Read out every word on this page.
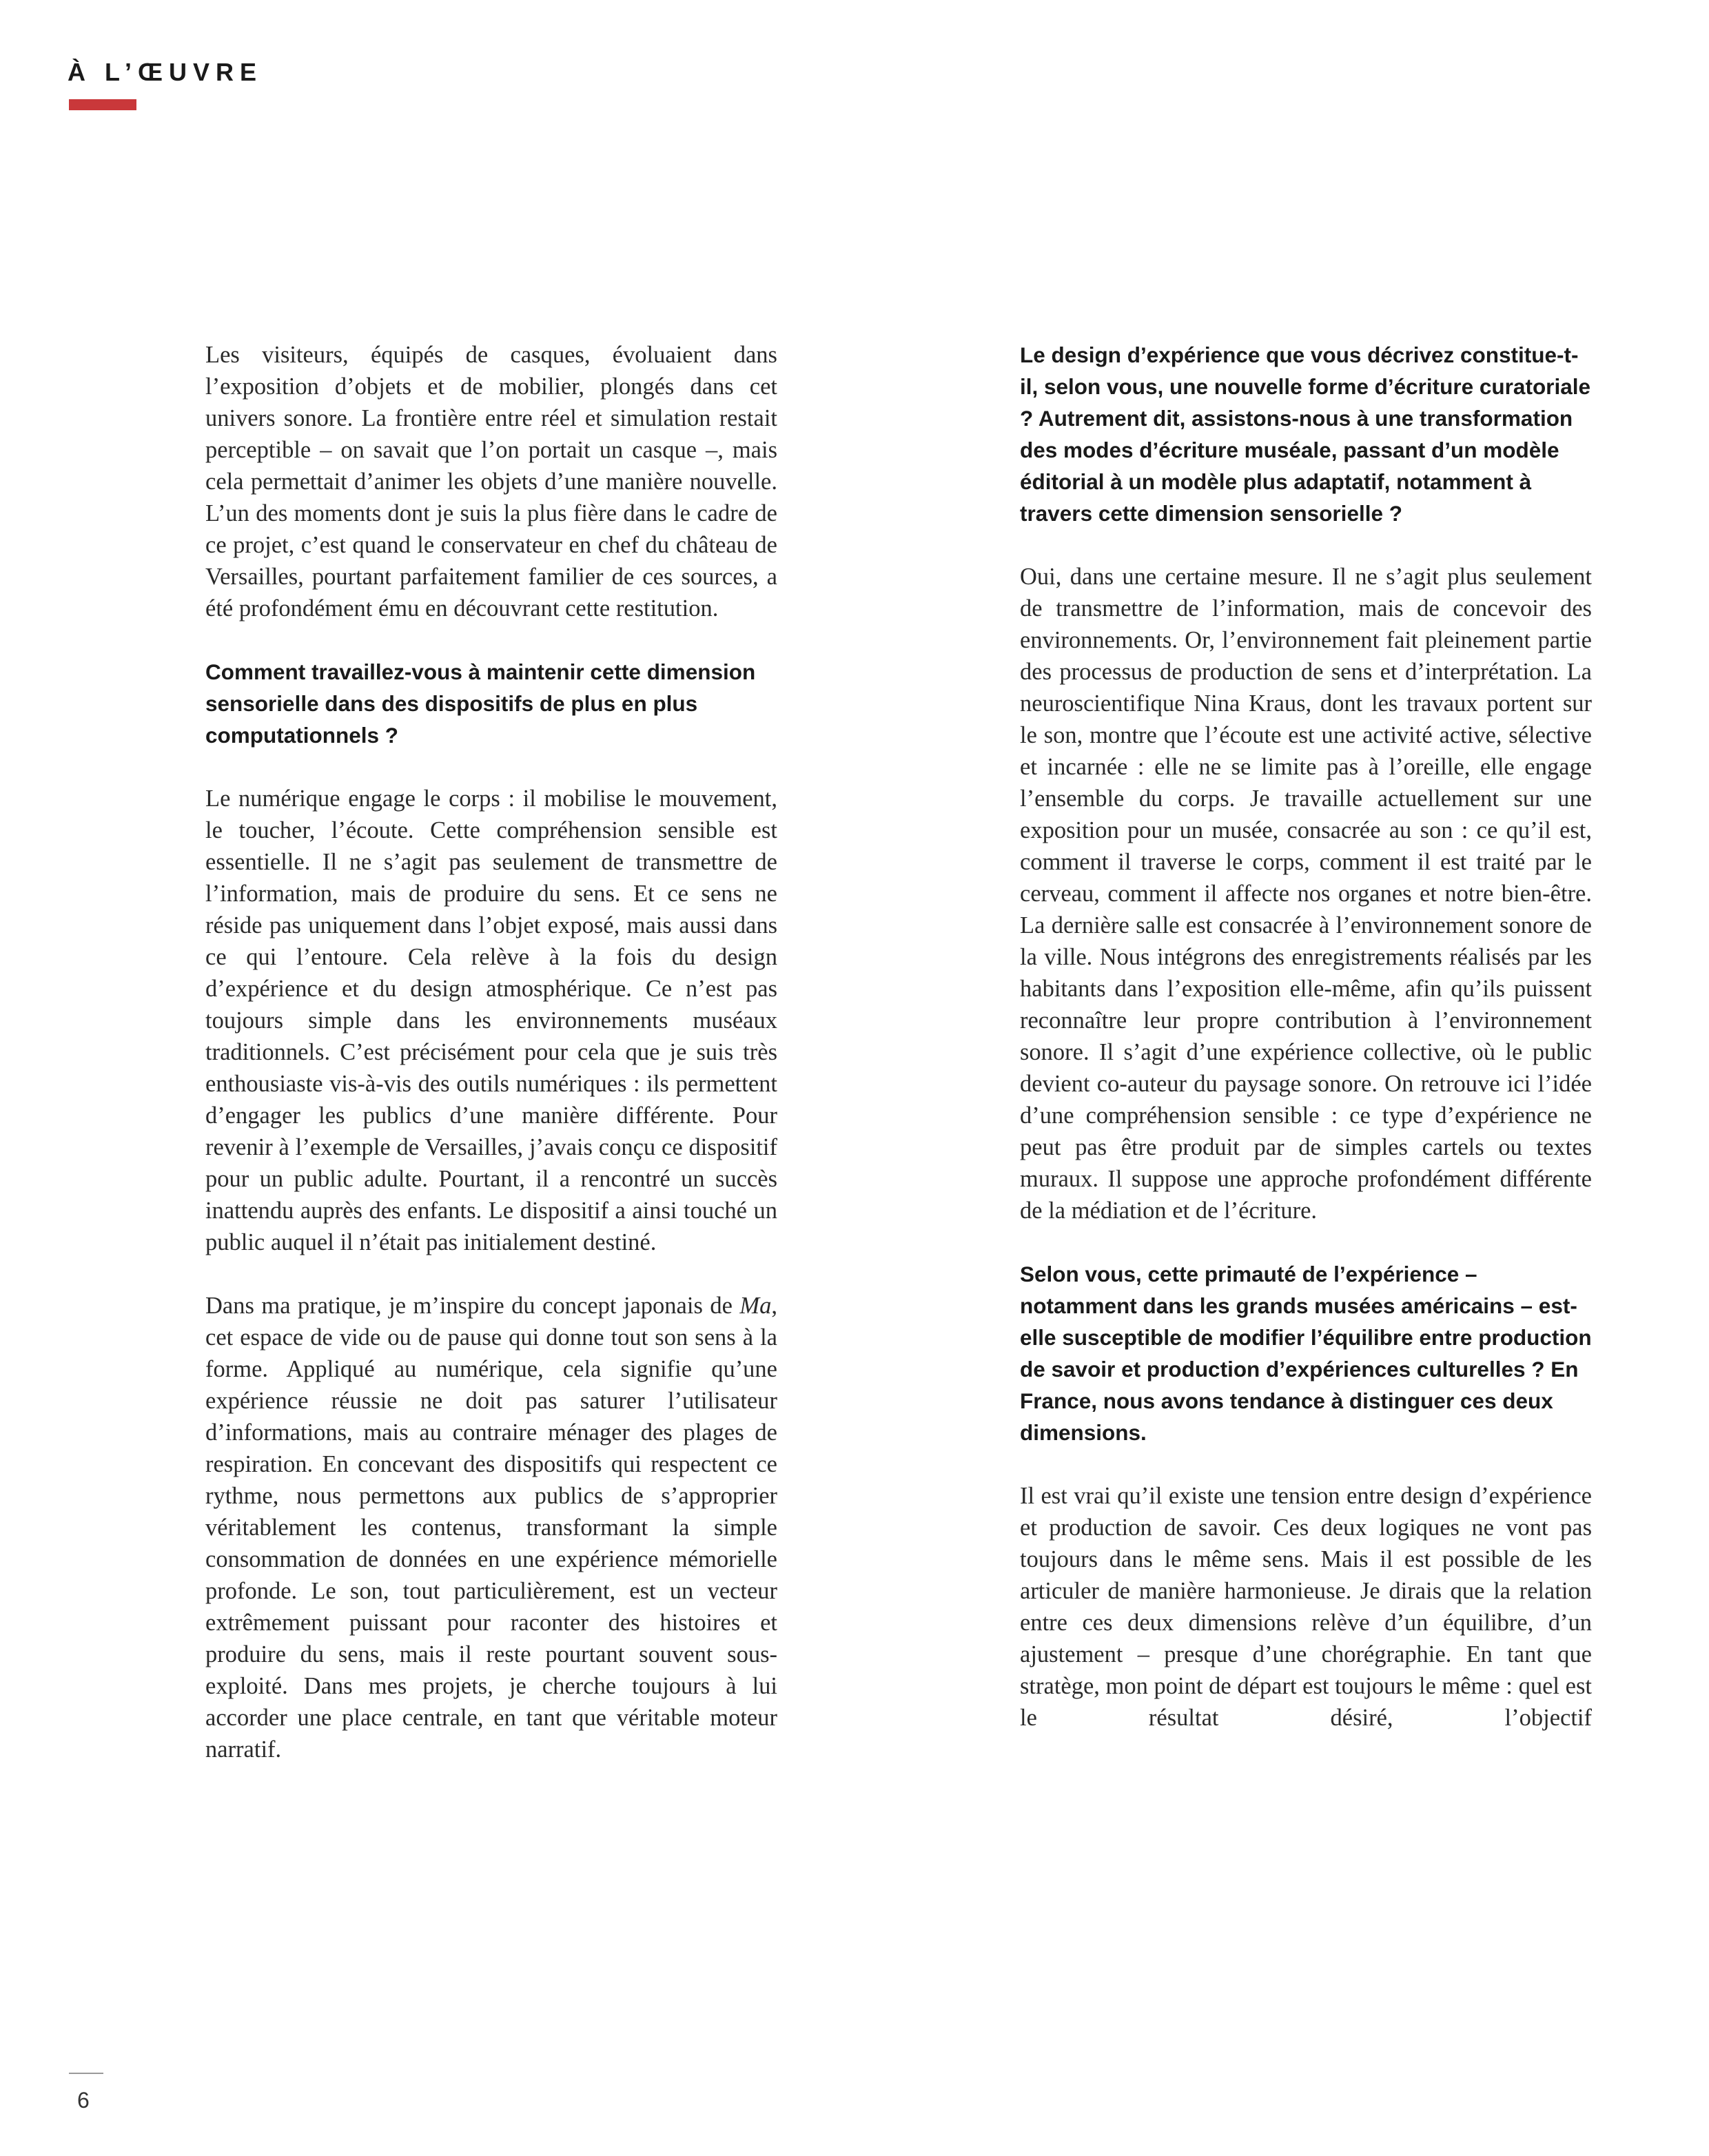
À L’ŒUVRE

Les visiteurs, équipés de casques, évoluaient dans l’exposition d’objets et de mobilier, plongés dans cet univers sonore. La frontière entre réel et simulation restait perceptible – on savait que l’on portait un casque –, mais cela permettait d’animer les objets d’une manière nouvelle. L’un des moments dont je suis la plus fière dans le cadre de ce projet, c’est quand le conservateur en chef du château de Versailles, pourtant parfaitement familier de ces sources, a été profondément ému en découvrant cette restitution.

Comment travaillez-vous à maintenir cette dimension sensorielle dans des dispositifs de plus en plus computationnels ?

Le numérique engage le corps : il mobilise le mouvement, le toucher, l’écoute. Cette compréhension sensible est essentielle. Il ne s’agit pas seulement de transmettre de l’information, mais de produire du sens. Et ce sens ne réside pas uniquement dans l’objet exposé, mais aussi dans ce qui l’entoure. Cela relève à la fois du design d’expérience et du design atmosphérique. Ce n’est pas toujours simple dans les environnements muséaux traditionnels. C’est précisément pour cela que je suis très enthousiaste vis-à-vis des outils numériques : ils permettent d’engager les publics d’une manière différente. Pour revenir à l’exemple de Versailles, j’avais conçu ce dispositif pour un public adulte. Pourtant, il a rencontré un succès inattendu auprès des enfants. Le dispositif a ainsi touché un public auquel il n’était pas initialement destiné.

Dans ma pratique, je m’inspire du concept japonais de Ma, cet espace de vide ou de pause qui donne tout son sens à la forme. Appliqué au numérique, cela signifie qu’une expérience réussie ne doit pas saturer l’utilisateur d’informations, mais au contraire ménager des plages de respiration. En concevant des dispositifs qui respectent ce rythme, nous permettons aux publics de s’approprier véritablement les contenus, transformant la simple consommation de données en une expérience mémorielle profonde. Le son, tout particulièrement, est un vecteur extrêmement puissant pour raconter des histoires et produire du sens, mais il reste pourtant souvent sous-exploité. Dans mes projets, je cherche toujours à lui accorder une place centrale, en tant que véritable moteur narratif.

Le design d’expérience que vous décrivez constitue-t-il, selon vous, une nouvelle forme d’écriture curatoriale ? Autrement dit, assistons-nous à une transformation des modes d’écriture muséale, passant d’un modèle éditorial à un modèle plus adaptatif, notamment à travers cette dimension sensorielle ?

Oui, dans une certaine mesure. Il ne s’agit plus seulement de transmettre de l’information, mais de concevoir des environnements. Or, l’environnement fait pleinement partie des processus de production de sens et d’interprétation. La neuroscientifique Nina Kraus, dont les travaux portent sur le son, montre que l’écoute est une activité active, sélective et incarnée : elle ne se limite pas à l’oreille, elle engage l’ensemble du corps. Je travaille actuellement sur une exposition pour un musée, consacrée au son : ce qu’il est, comment il traverse le corps, comment il est traité par le cerveau, comment il affecte nos organes et notre bien-être. La dernière salle est consacrée à l’environnement sonore de la ville. Nous intégrons des enregistrements réalisés par les habitants dans l’exposition elle-même, afin qu’ils puissent reconnaître leur propre contribution à l’environnement sonore. Il s’agit d’une expérience collective, où le public devient co-auteur du paysage sonore. On retrouve ici l’idée d’une compréhension sensible : ce type d’expérience ne peut pas être produit par de simples cartels ou textes muraux. Il suppose une approche profondément différente de la médiation et de l’écriture.

Selon vous, cette primauté de l’expérience – notamment dans les grands musées américains – est-elle susceptible de modifier l’équilibre entre production de savoir et production d’expériences culturelles ? En France, nous avons tendance à distinguer ces deux dimensions.

Il est vrai qu’il existe une tension entre design d’expérience et production de savoir. Ces deux logiques ne vont pas toujours dans le même sens. Mais il est possible de les articuler de manière harmonieuse. Je dirais que la relation entre ces deux dimensions relève d’un équilibre, d’un ajustement – presque d’une chorégraphie. En tant que stratège, mon point de départ est toujours le même : quel est le résultat désiré, l’objectif

6
